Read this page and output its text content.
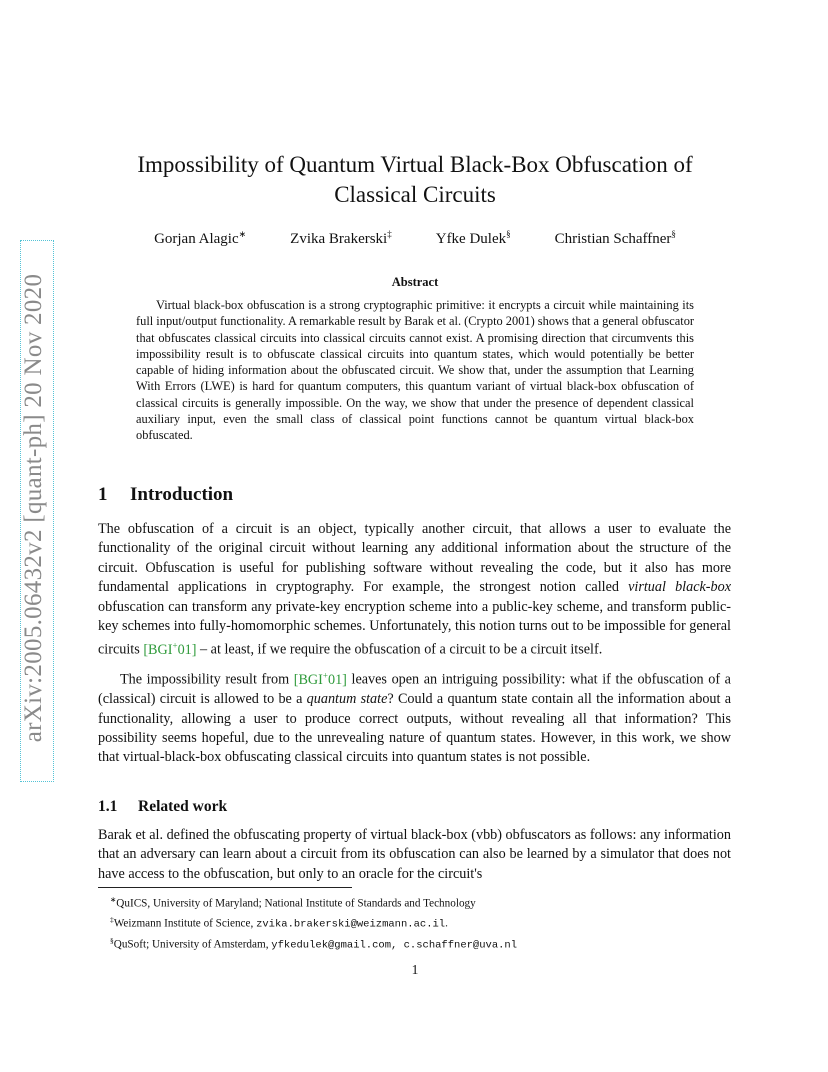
arXiv:2005.06432v2 [quant-ph] 20 Nov 2020
Impossibility of Quantum Virtual Black-Box Obfuscation of Classical Circuits
Gorjan Alagic∗	Zvika Brakerski‡	Yfke Dulek§	Christian Schaffner§
Abstract

Virtual black-box obfuscation is a strong cryptographic primitive: it encrypts a circuit while maintaining its full input/output functionality. A remarkable result by Barak et al. (Crypto 2001) shows that a general obfuscator that obfuscates classical circuits into classical circuits cannot exist. A promising direction that circumvents this impossibility result is to obfuscate classical circuits into quantum states, which would potentially be better capable of hiding information about the obfuscated circuit. We show that, under the assumption that Learning With Errors (LWE) is hard for quantum computers, this quantum variant of virtual black-box obfuscation of classical circuits is generally impossible. On the way, we show that under the presence of dependent classical auxiliary input, even the small class of classical point functions cannot be quantum virtual black-box obfuscated.

1 Introduction

The obfuscation of a circuit is an object, typically another circuit, that allows a user to evaluate the functionality of the original circuit without learning any additional information about the structure of the circuit. Obfuscation is useful for publishing software without revealing the code, but it also has more fundamental applications in cryptography. For example, the strongest notion called virtual black-box obfuscation can transform any private-key encryption scheme into a public-key scheme, and transform public-key schemes into fully-homomorphic schemes. Unfortunately, this notion turns out to be impossible for general circuits [BGI+01] – at least, if we require the obfuscation of a circuit to be a circuit itself.

The impossibility result from [BGI+01] leaves open an intriguing possibility: what if the obfuscation of a (classical) circuit is allowed to be a quantum state? Could a quantum state contain all the information about a functionality, allowing a user to produce correct outputs, without revealing all that information? This possibility seems hopeful, due to the unrevealing nature of quantum states. However, in this work, we show that virtual-black-box obfuscating classical circuits into quantum states is not possible.

1.1 Related work

Barak et al. defined the obfuscating property of virtual black-box (vbb) obfuscators as follows: any information that an adversary can learn about a circuit from its obfuscation can also be learned by a simulator that does not have access to the obfuscation, but only to an oracle for the circuit's

∗QuICS, University of Maryland; National Institute of Standards and Technology
‡Weizmann Institute of Science, zvika.brakerski@weizmann.ac.il.
§QuSoft; University of Amsterdam, yfkedulek@gmail.com, c.schaffner@uva.nl
1
